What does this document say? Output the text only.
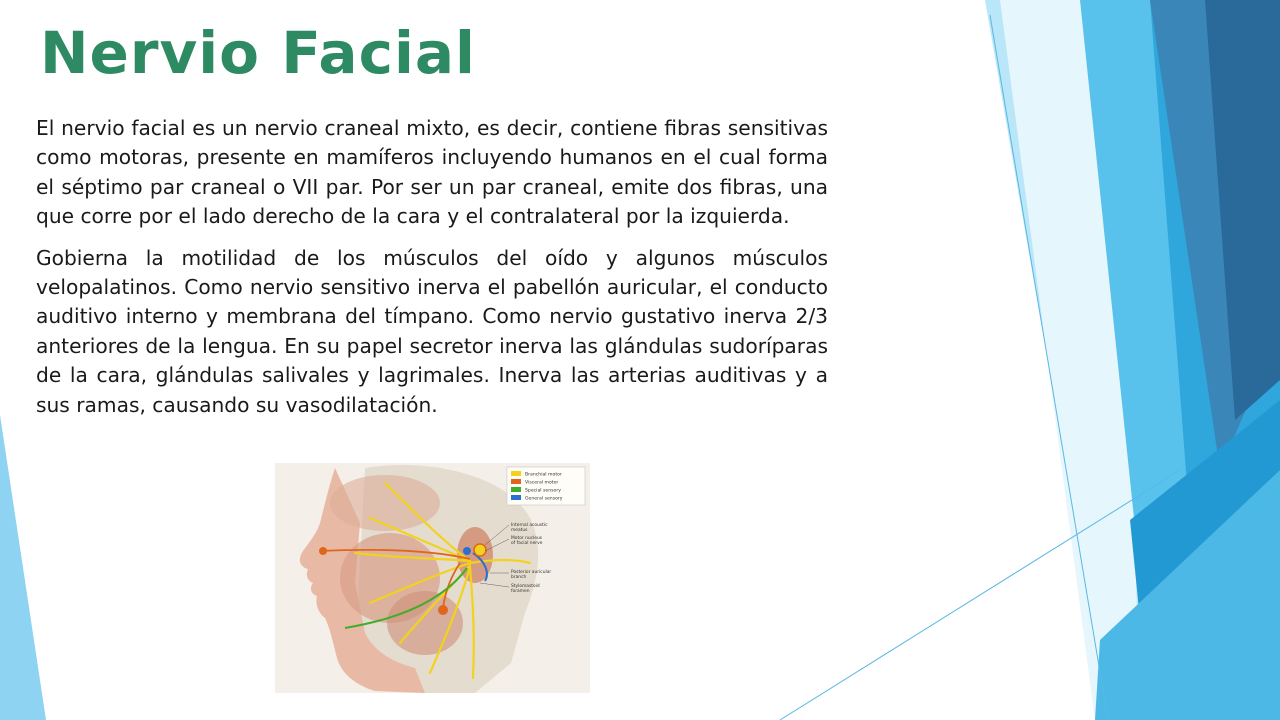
Nervio Facial

El nervio facial es un nervio craneal mixto, es decir, contiene fibras sensitivas como motoras, presente en mamíferos incluyendo humanos en el cual forma el séptimo par craneal o VII par. Por ser un par craneal, emite dos fibras, una que corre por el lado derecho de la cara y el contralateral por la izquierda.

Gobierna la motilidad de los músculos del oído y algunos músculos velopalatinos. Como nervio sensitivo inerva el pabellón auricular, el conducto auditivo interno y membrana del tímpano. Como nervio gustativo inerva 2/3 anteriores de la lengua. En su papel secretor inerva las glándulas sudoríparas de la cara, glándulas salivales y lagrimales. Inerva las arterias auditivas y a sus ramas, causando su vasodilatación.

Branchial motor
Visceral motor
Special sensory
General sensory
Internal acoustic
meatus
Motor nucleus
of facial nerve
Posterior auricular
branch
Stylomastoid
foramen
